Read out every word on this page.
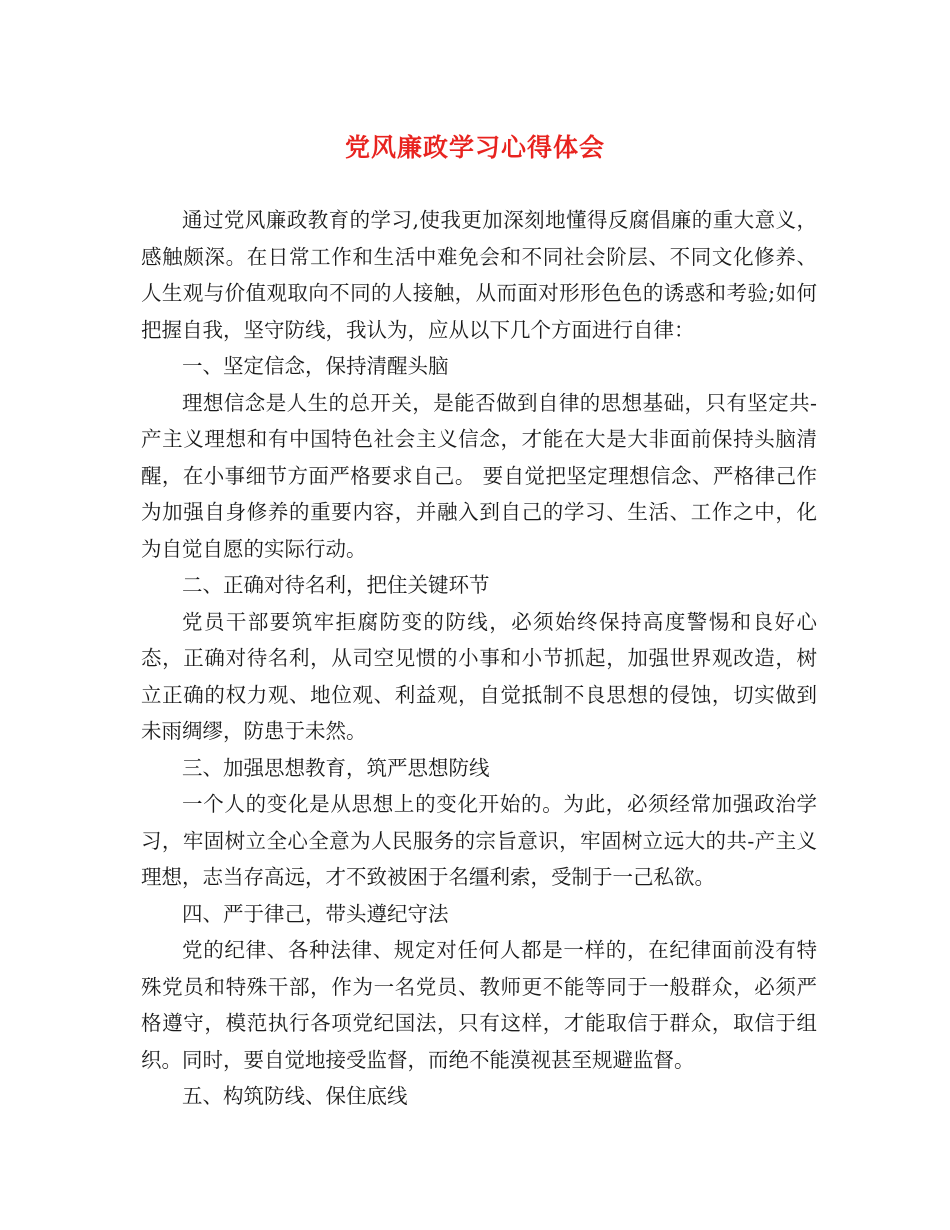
党风廉政学习心得体会

通过党风廉政教育的学习,使我更加深刻地懂得反腐倡廉的重大意义，感触颇深。在日常工作和生活中难免会和不同社会阶层、不同文化修养、人生观与价值观取向不同的人接触，从而面对形形色色的诱惑和考验;如何把握自我，坚守防线，我认为，应从以下几个方面进行自律：

一、坚定信念，保持清醒头脑

理想信念是人生的总开关，是能否做到自律的思想基础，只有坚定共-产主义理想和有中国特色社会主义信念，才能在大是大非面前保持头脑清醒，在小事细节方面严格要求自己。 要自觉把坚定理想信念、严格律己作为加强自身修养的重要内容，并融入到自己的学习、生活、工作之中，化为自觉自愿的实际行动。

二、正确对待名利，把住关键环节

党员干部要筑牢拒腐防变的防线，必须始终保持高度警惕和良好心态，正确对待名利，从司空见惯的小事和小节抓起，加强世界观改造，树立正确的权力观、地位观、利益观，自觉抵制不良思想的侵蚀，切实做到未雨绸缪，防患于未然。

三、加强思想教育，筑严思想防线

一个人的变化是从思想上的变化开始的。为此，必须经常加强政治学习，牢固树立全心全意为人民服务的宗旨意识，牢固树立远大的共-产主义理想，志当存高远，才不致被困于名缰利索，受制于一己私欲。

四、严于律己，带头遵纪守法

党的纪律、各种法律、规定对任何人都是一样的，在纪律面前没有特殊党员和特殊干部，作为一名党员、教师更不能等同于一般群众，必须严格遵守，模范执行各项党纪国法，只有这样，才能取信于群众，取信于组织。同时，要自觉地接受监督，而绝不能漠视甚至规避监督。

五、构筑防线、保住底线
